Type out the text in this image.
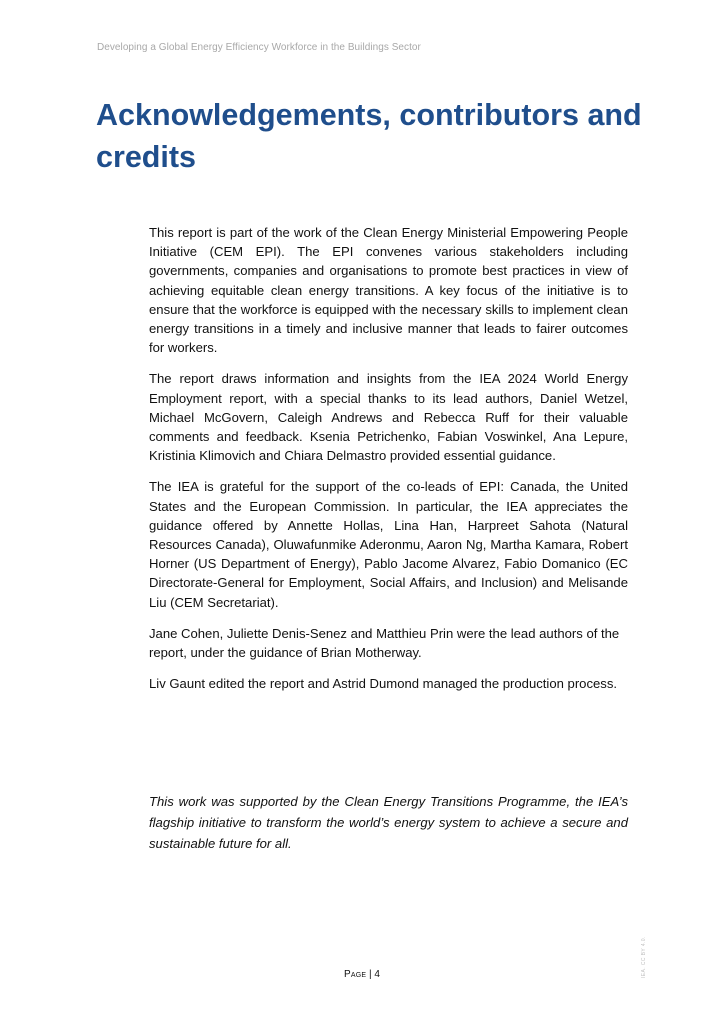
Developing a Global Energy Efficiency Workforce in the Buildings Sector
Acknowledgements, contributors and credits

This report is part of the work of the Clean Energy Ministerial Empowering People Initiative (CEM EPI). The EPI convenes various stakeholders including governments, companies and organisations to promote best practices in view of achieving equitable clean energy transitions. A key focus of the initiative is to ensure that the workforce is equipped with the necessary skills to implement clean energy transitions in a timely and inclusive manner that leads to fairer outcomes for workers.

The report draws information and insights from the IEA 2024 World Energy Employment report, with a special thanks to its lead authors, Daniel Wetzel, Michael McGovern, Caleigh Andrews and Rebecca Ruff for their valuable comments and feedback. Ksenia Petrichenko, Fabian Voswinkel, Ana Lepure, Kristinia Klimovich and Chiara Delmastro provided essential guidance.

The IEA is grateful for the support of the co-leads of EPI: Canada, the United States and the European Commission. In particular, the IEA appreciates the guidance offered by Annette Hollas, Lina Han, Harpreet Sahota (Natural Resources Canada), Oluwafunmike Aderonmu, Aaron Ng, Martha Kamara, Robert Horner (US Department of Energy), Pablo Jacome Alvarez, Fabio Domanico (EC Directorate-General for Employment, Social Affairs, and Inclusion) and Melisande Liu (CEM Secretariat).

Jane Cohen, Juliette Denis-Senez and Matthieu Prin were the lead authors of the report, under the guidance of Brian Motherway.

Liv Gaunt edited the report and Astrid Dumond managed the production process.

This work was supported by the Clean Energy Transitions Programme, the IEA’s flagship initiative to transform the world’s energy system to achieve a secure and sustainable future for all.

Page | 4	IEA. CC BY 4.0.
